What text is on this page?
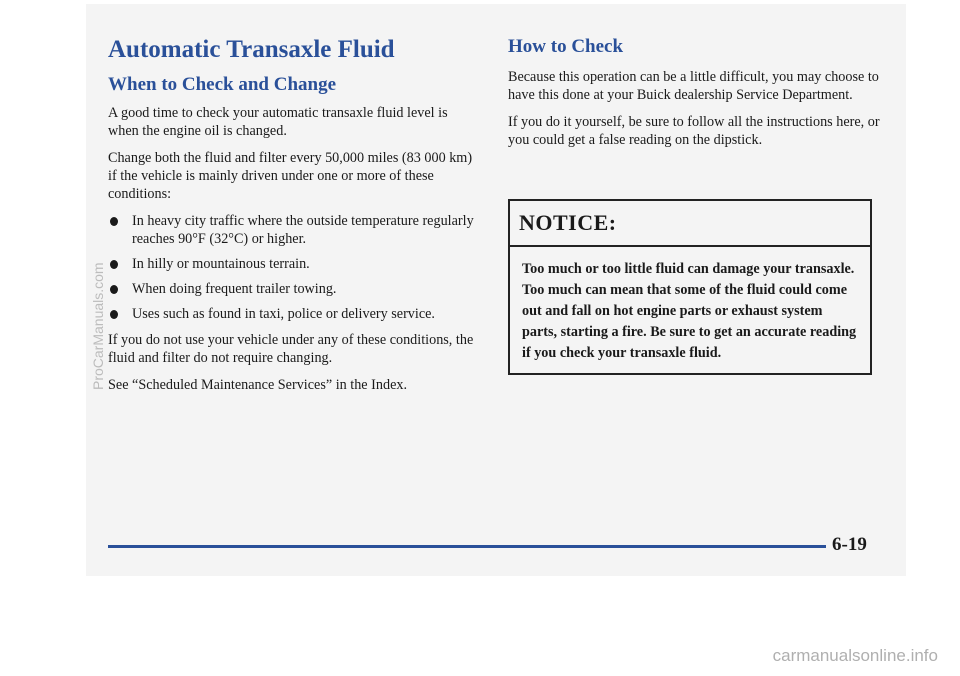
Automatic Transaxle Fluid
When to Check and Change

A good time to check your automatic transaxle fluid level is when the engine oil is changed.

Change both the fluid and filter every 50,000 miles (83 000 km) if the vehicle is mainly driven under one or more of these conditions:

In heavy city traffic where the outside temperature regularly reaches 90°F (32°C) or higher.
In hilly or mountainous terrain.
When doing frequent trailer towing.
Uses such as found in taxi, police or delivery service.

If you do not use your vehicle under any of these conditions, the fluid and filter do not require changing.

See “Scheduled Maintenance Services” in the Index.

How to Check

Because this operation can be a little difficult, you may choose to have this done at your Buick dealership Service Department.

If you do it yourself, be sure to follow all the instructions here, or you could get a false reading on the dipstick.

NOTICE:
Too much or too little fluid can damage your transaxle. Too much can mean that some of the fluid could come out and fall on hot engine parts or exhaust system parts, starting a fire. Be sure to get an accurate reading if you check your transaxle fluid.
6-19
carmanualsonline.info
